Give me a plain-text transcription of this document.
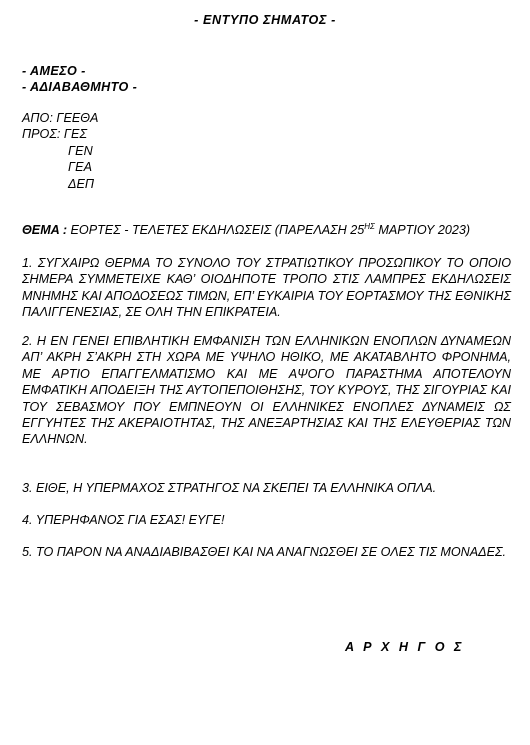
- ΕΝΤΥΠΟ ΣΗΜΑΤΟΣ -
- ΑΜΕΣΟ -
- ΑΔΙΑΒΑΘΜΗΤΟ -
ΑΠΟ: ΓΕΕΘΑ
ΠΡΟΣ: ΓΕΣ
ΓΕΝ
ΓΕΑ
ΔΕΠ
ΘΕΜΑ : ΕΟΡΤΕΣ - ΤΕΛΕΤΕΣ ΕΚΔΗΛΩΣΕΙΣ (ΠΑΡΕΛΑΣΗ $25^{H\Sigma}$ ΜΑΡΤΙΟΥ 2023)
1. ΣΥΓΧΑΙΡΩ ΘΕΡΜΑ ΤΟ ΣΥΝΟΛΟ ΤΟΥ ΣΤΡΑΤΙΩΤΙΚΟΥ ΠΡΟΣΩΠΙΚΟΥ ΤΟ ΟΠΟΙΟ ΣΗΜΕΡΑ ΣΥΜΜΕΤΕΙΧΕ ΚΑΘ’ ΟΙΟΔΗΠΟΤΕ ΤΡΟΠΟ ΣΤΙΣ ΛΑΜΠΡΕΣ ΕΚΔΗΛΩΣΕΙΣ ΜΝΗΜΗΣ ΚΑΙ ΑΠΟΔΟΣΕΩΣ ΤΙΜΩΝ, ΕΠ’ ΕΥΚΑΙΡΙΑ ΤΟΥ ΕΟΡΤΑΣΜΟΥ ΤΗΣ ΕΘΝΙΚΗΣ ΠΑΛΙΓΓΕΝΕΣΙΑΣ, ΣΕ ΟΛΗ ΤΗΝ ΕΠΙΚΡΑΤΕΙΑ.
2. Η ΕΝ ΓΕΝΕΙ ΕΠΙΒΛΗΤΙΚΗ ΕΜΦΑΝΙΣΗ ΤΩΝ ΕΛΛΗΝΙΚΩΝ ΕΝΟΠΛΩΝ ΔΥΝΑΜΕΩΝ ΑΠ’ ΑΚΡΗ Σ’ΑΚΡΗ ΣΤΗ ΧΩΡΑ ΜΕ ΥΨΗΛΟ ΗΘΙΚΟ, ΜΕ ΑΚΑΤΑΒΛΗΤΟ ΦΡΟΝΗΜΑ, ΜΕ ΑΡΤΙΟ ΕΠΑΓΓΕΛΜΑΤΙΣΜΟ ΚΑΙ ΜΕ ΑΨΟΓΟ ΠΑΡΑΣΤΗΜΑ ΑΠΟΤΕΛΟΥΝ ΕΜΦΑΤΙΚΗ ΑΠΟΔΕΙΞΗ ΤΗΣ ΑΥΤΟΠΕΠΟΙΘΗΣΗΣ, ΤΟΥ ΚΥΡΟΥΣ, ΤΗΣ ΣΙΓΟΥΡΙΑΣ ΚΑΙ ΤΟΥ ΣΕΒΑΣΜΟΥ ΠΟΥ ΕΜΠΝΕΟΥΝ ΟΙ ΕΛΛΗΝΙΚΕΣ ΕΝΟΠΛΕΣ ΔΥΝΑΜΕΙΣ ΩΣ ΕΓΓΥΗΤΕΣ ΤΗΣ ΑΚΕΡΑΙΟΤΗΤΑΣ, ΤΗΣ ΑΝΕΞΑΡΤΗΣΙΑΣ ΚΑΙ ΤΗΣ ΕΛΕΥΘΕΡΙΑΣ ΤΩΝ ΕΛΛΗΝΩΝ.
3. ΕΙΘΕ, Η ΥΠΕΡΜΑΧΟΣ ΣΤΡΑΤΗΓΟΣ ΝΑ ΣΚΕΠΕΙ ΤΑ ΕΛΛΗΝΙΚΑ ΟΠΛΑ.
4. ΥΠΕΡΗΦΑΝΟΣ ΓΙΑ ΕΣΑΣ! ΕΥΓΕ!
5. ΤΟ ΠΑΡΟΝ ΝΑ ΑΝΑΔΙΑΒΙΒΑΣΘΕΙ ΚΑΙ ΝΑ ΑΝΑΓΝΩΣΘΕΙ ΣΕ ΟΛΕΣ ΤΙΣ ΜΟΝΑΔΕΣ.
Α Ρ Χ Η Γ Ο Σ
